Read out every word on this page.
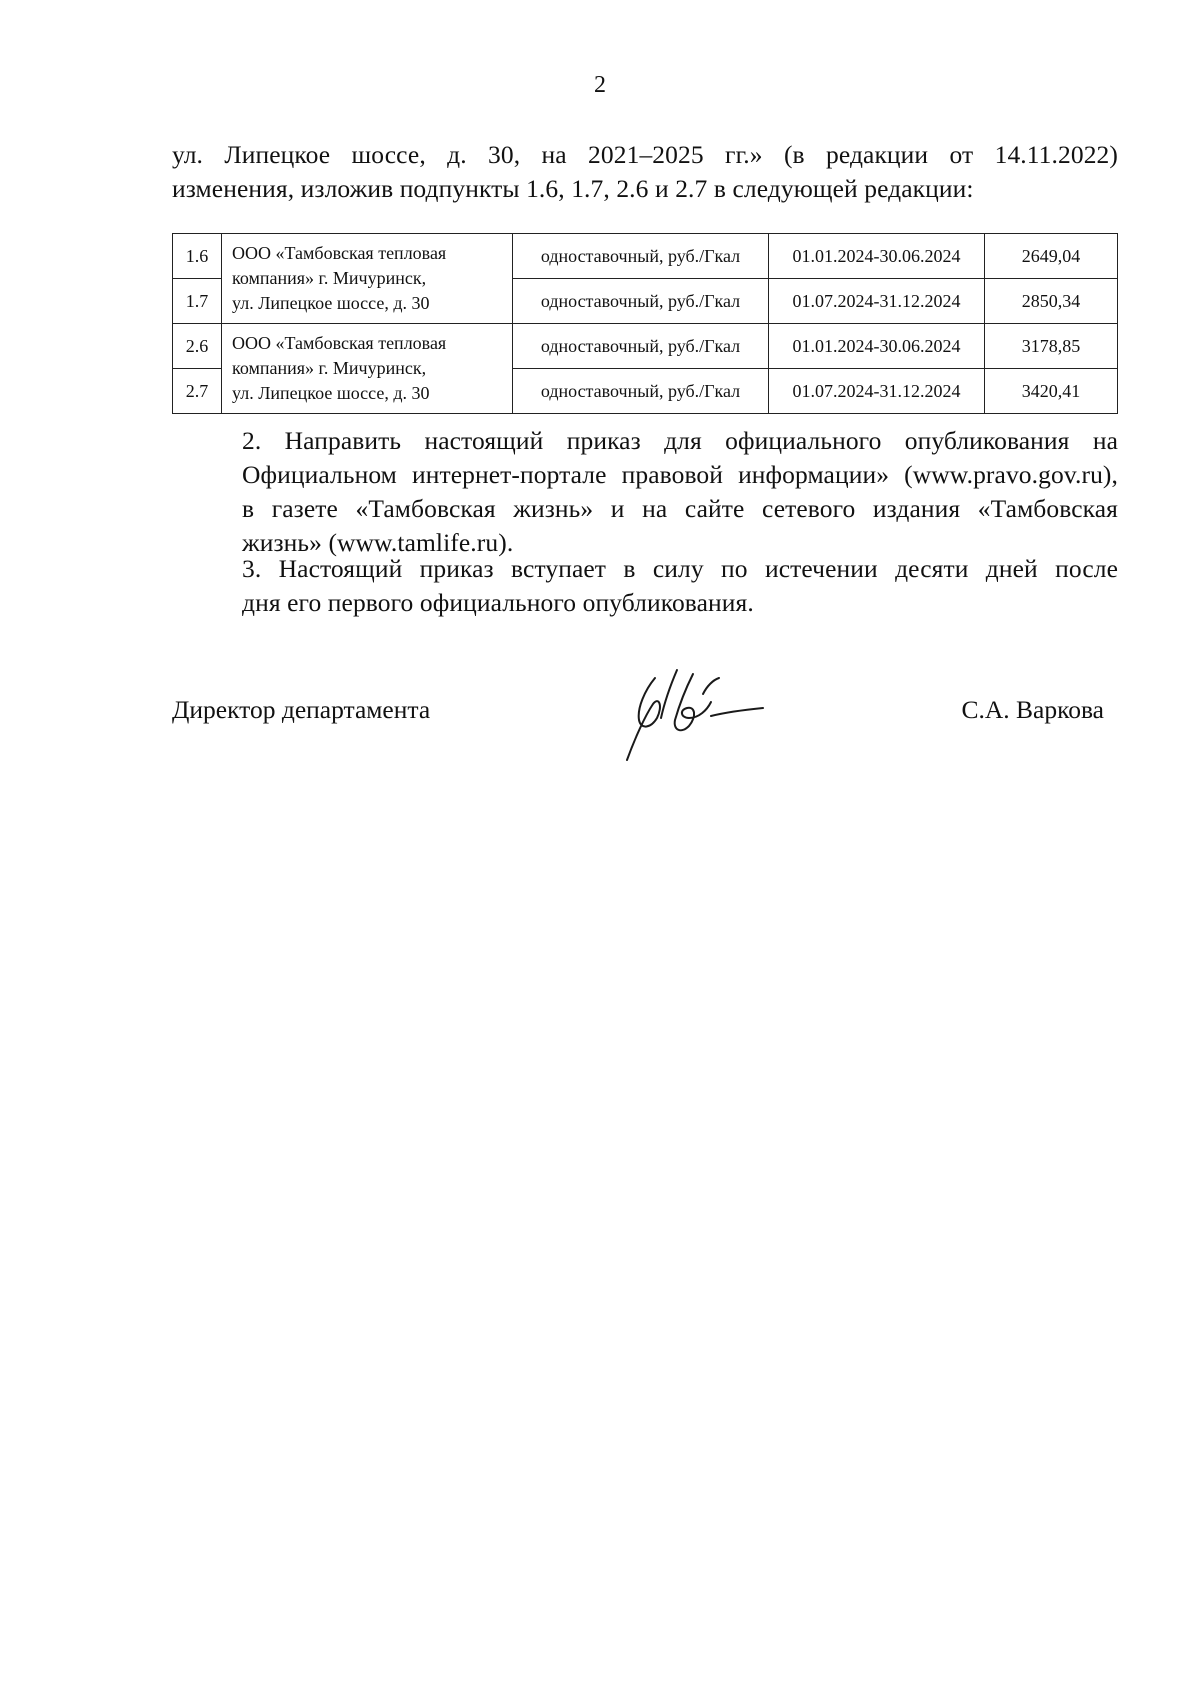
2
ул. Липецкое шоссе, д. 30, на 2021–2025 гг.» (в редакции от 14.11.2022)
изменения, изложив подпункты 1.6, 1.7, 2.6 и 2.7 в следующей редакции:
1.6	ООО «Тамбовская тепловая
компания» г. Мичуринск,
ул. Липецкое шоссе, д. 30	одноставочный, руб./Гкал	01.01.2024-30.06.2024	2649,04
1.7		одноставочный, руб./Гкал	01.07.2024-31.12.2024	2850,34
2.6	ООО «Тамбовская тепловая
компания» г. Мичуринск,
ул. Липецкое шоссе, д. 30	одноставочный, руб./Гкал	01.01.2024-30.06.2024	3178,85
2.7		одноставочный, руб./Гкал	01.07.2024-31.12.2024	3420,41
2. Направить настоящий приказ для официального опубликования на
Официальном интернет-портале правовой информации» (www.pravo.gov.ru),
в газете «Тамбовская жизнь» и на сайте сетевого издания «Тамбовская
жизнь» (www.tamlife.ru).
3. Настоящий приказ вступает в силу по истечении десяти дней после
дня его первого официального опубликования.
Директор департамента	С.А. Варкова
